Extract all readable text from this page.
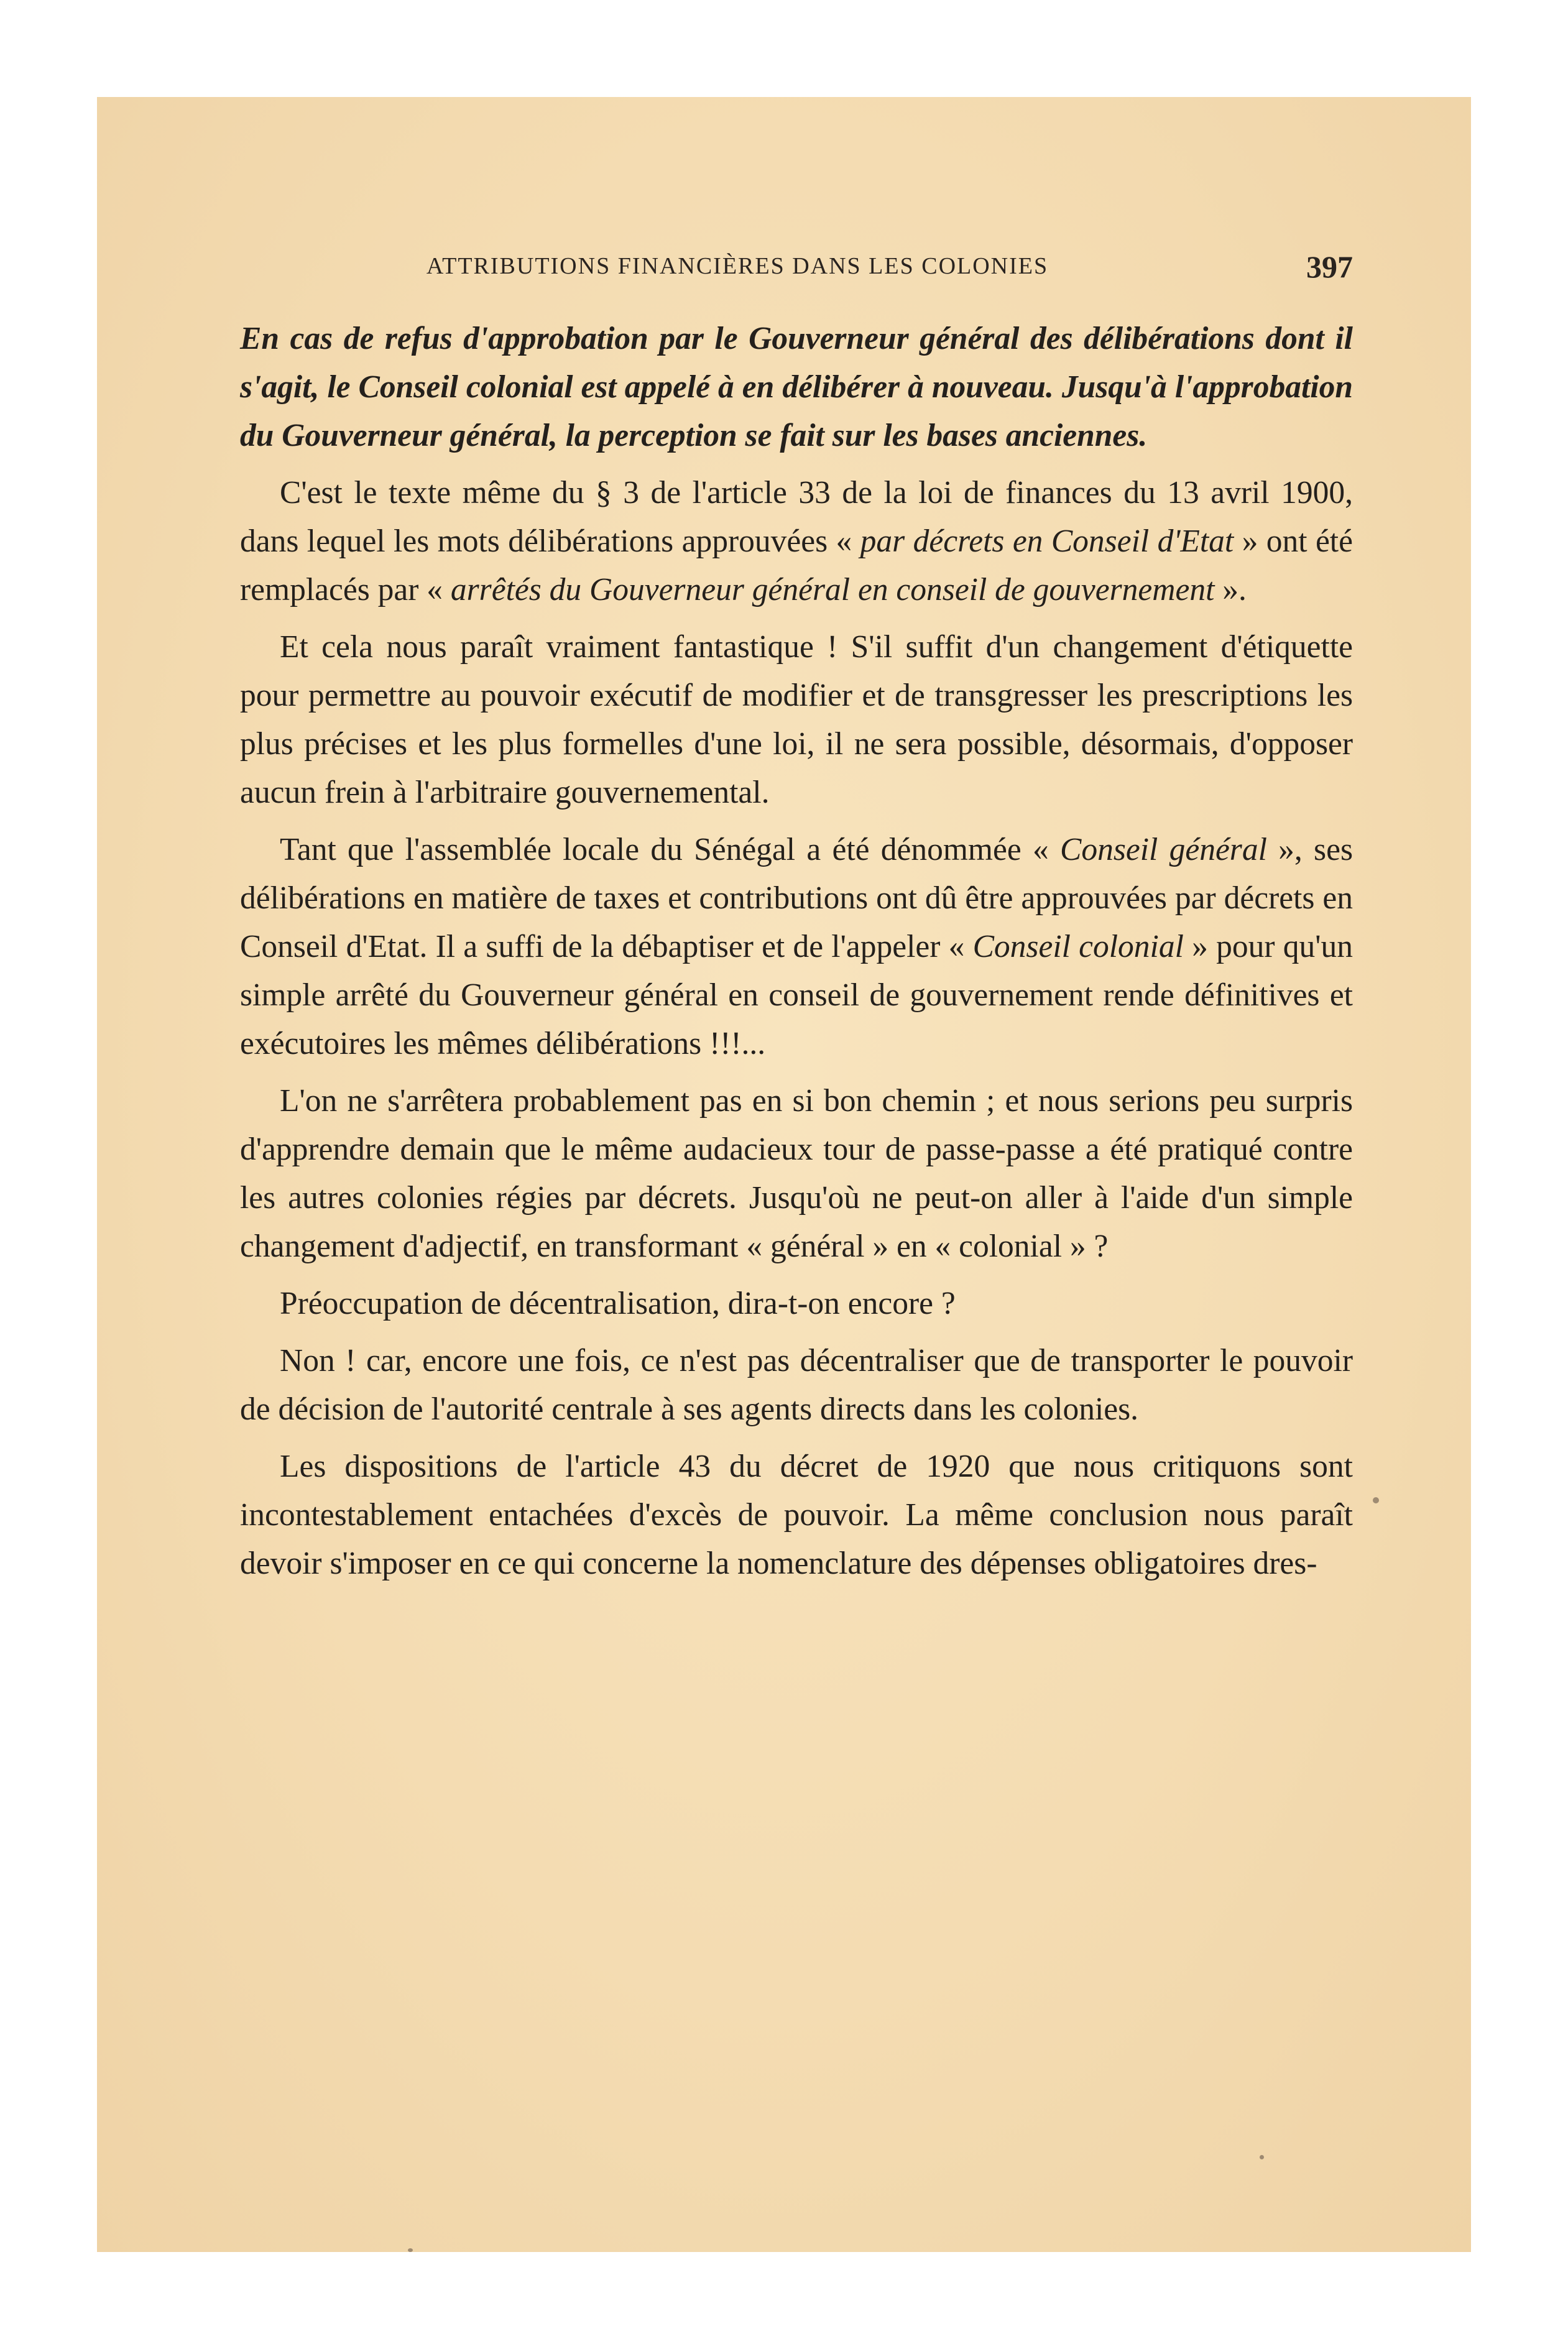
ATTRIBUTIONS FINANCIÈRES DANS LES COLONIES	397

En cas de refus d'approbation par le Gouverneur général des délibérations dont il s'agit, le Conseil colonial est appelé à en délibérer à nouveau. Jusqu'à l'approbation du Gouverneur général, la perception se fait sur les bases anciennes.

C'est le texte même du § 3 de l'article 33 de la loi de finances du 13 avril 1900, dans lequel les mots délibérations approuvées « par décrets en Conseil d'Etat » ont été remplacés par « arrêtés du Gouverneur général en conseil de gouvernement ».

Et cela nous paraît vraiment fantastique ! S'il suffit d'un changement d'étiquette pour permettre au pouvoir exécutif de modifier et de transgresser les prescriptions les plus précises et les plus formelles d'une loi, il ne sera possible, désormais, d'opposer aucun frein à l'arbitraire gouvernemental.

Tant que l'assemblée locale du Sénégal a été dénommée « Conseil général », ses délibérations en matière de taxes et contributions ont dû être approuvées par décrets en Conseil d'Etat. Il a suffi de la débaptiser et de l'appeler « Conseil colonial » pour qu'un simple arrêté du Gouverneur général en conseil de gouvernement rende définitives et exécutoires les mêmes délibérations !!!...

L'on ne s'arrêtera probablement pas en si bon chemin ; et nous serions peu surpris d'apprendre demain que le même audacieux tour de passe-passe a été pratiqué contre les autres colonies régies par décrets. Jusqu'où ne peut-on aller à l'aide d'un simple changement d'adjectif, en transformant « général » en « colonial » ?

Préoccupation de décentralisation, dira-t-on encore ?

Non ! car, encore une fois, ce n'est pas décentraliser que de transporter le pouvoir de décision de l'autorité centrale à ses agents directs dans les colonies.

Les dispositions de l'article 43 du décret de 1920 que nous critiquons sont incontestablement entachées d'excès de pouvoir. La même conclusion nous paraît devoir s'imposer en ce qui concerne la nomenclature des dépenses obligatoires dres-
